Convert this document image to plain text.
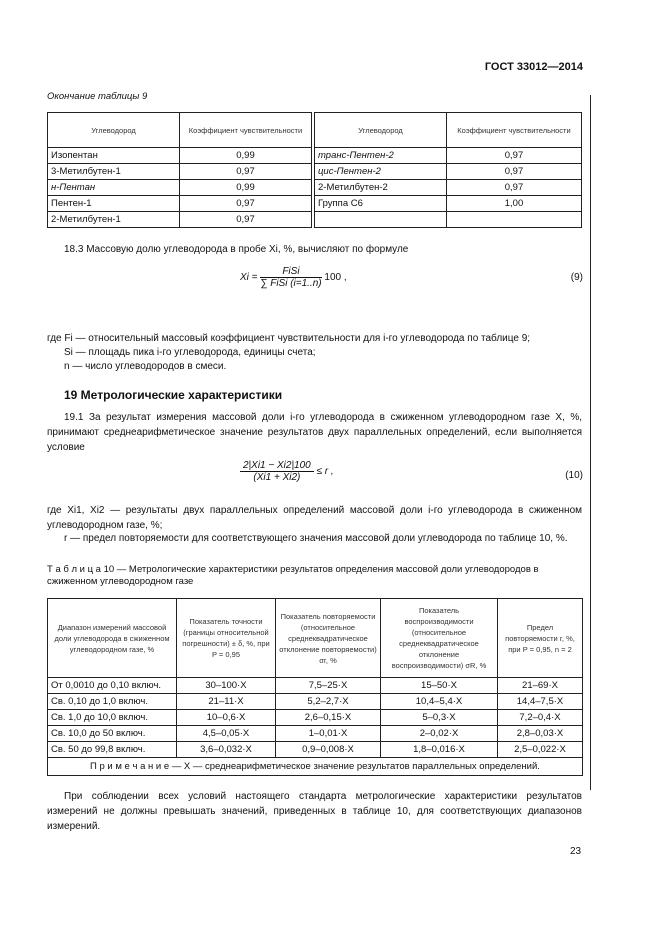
ГОСТ 33012—2014
Окончание таблицы 9
Углеводород	Коэффициент чувствительности
Изопентан	0,99
3-Метилбутен-1	0,97
н-Пентан	0,99
Пентен-1	0,97
2-Метилбутен-1	0,97
Углеводород	Коэффициент чувствительности
транс-Пентен-2	0,97
цис-Пентен-2	0,97
2-Метилбутен-2	0,97
Группа C6	1,00

18.3 Массовую долю углеводорода в пробе Xi, %, вычисляют по формуле

$Xi = \frac{\text{FiSi}}{\text{∑ FiSi (i=1..n)}} 100$ ,	(9)

где Fi — относительный массовый коэффициент чувствительности для i-го углеводорода по таблице 9;

Si — площадь пика i-го углеводорода, единицы счета;

n — число углеводородов в смеси.

19 Метрологические характеристики

19.1 За результат измерения массовой доли i-го углеводорода в сжиженном углеводородном газе X, %, принимают среднеарифметическое значение результатов двух параллельных определений, если выполняется условие

$\frac{2|Xi1 - Xi2|100}{(Xi1 + Xi2)} \le r$ ,	(10)

где Xi1, Xi2 — результаты двух параллельных определений массовой доли i-го углеводорода в сжиженном углеводородном газе, %;

r — предел повторяемости для соответствующего значения массовой доли углеводорода по таблице 10, %.

Т а б л и ц а 10 — Метрологические характеристики результатов определения массовой доли углеводородов в сжиженном углеводородном газе

Диапазон измерений массовой доли углеводорода в сжиженном углеводородном газе, %	Показатель точности (границы относительной погрешности) ± δ, %, при P = 0,95	Показатель повторяемости (относительное среднеквадратическое отклонение повторяемости) σr, %	Показатель воспроизводимости (относительное среднеквадратическое отклонение воспроизводимости) σR, %	Предел повторяемости r, %, при P = 0,95, n = 2
От 0,0010 до 0,10 включ.	30–100·X	7,5–25·X	15–50·X	21–69·X
Св. 0,10 до 1,0 включ.	21–11·X	5,2–2,7·X	10,4–5,4·X	14,4–7,5·X
Св. 1,0 до 10,0 включ.	10–0,6·X	2,6–0,15·X	5–0,3·X	7,2–0,4·X
Св. 10,0 до 50 включ.	4,5–0,05·X	1–0,01·X	2–0,02·X	2,8–0,03·X
Св. 50 до 99,8 включ.	3,6–0,032·X	0,9–0,008·X	1,8–0,016·X	2,5–0,022·X
П р и м е ч а н и е — X — среднеарифметическое значение результатов параллельных определений.				

При соблюдении всех условий настоящего стандарта метрологические характеристики результатов измерений не должны превышать значений, приведенных в таблице 10, для соответствующих диапазонов измерений.

23
